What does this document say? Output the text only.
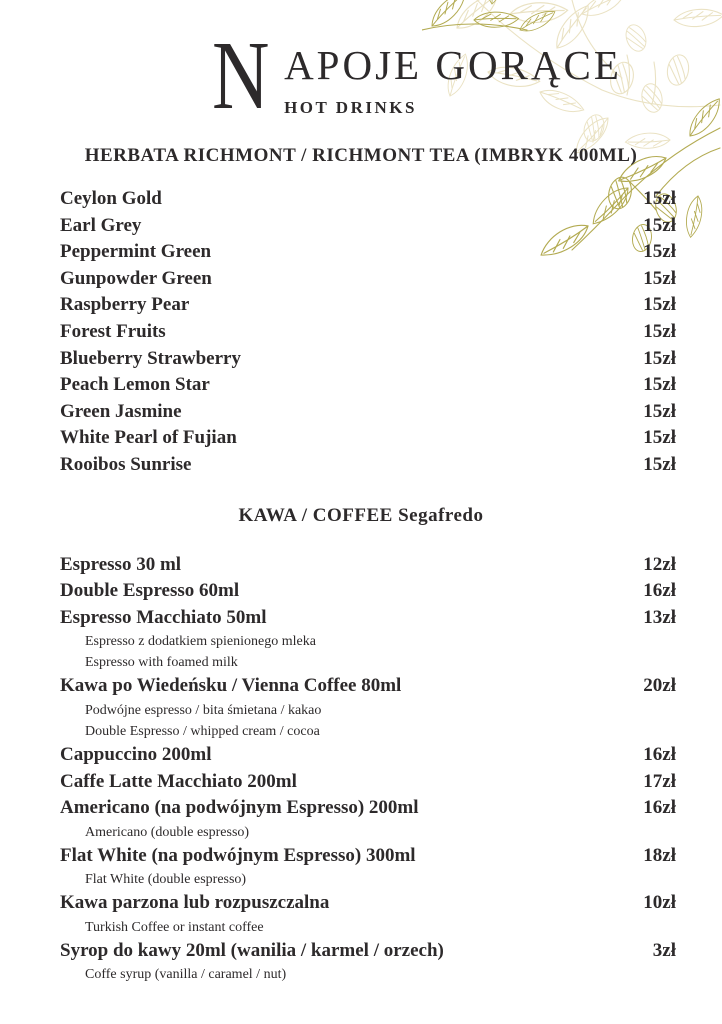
N APOJE GORĄCE
HOT DRINKS
HERBATA RICHMONT / RICHMONT TEA (IMBRYK 400ML)
Ceylon Gold	15zł
Earl Grey	15zł
Peppermint Green	15zł
Gunpowder Green	15zł
Raspberry Pear	15zł
Forest Fruits	15zł
Blueberry Strawberry	15zł
Peach Lemon Star	15zł
Green Jasmine	15zł
White Pearl of Fujian	15zł
Rooibos Sunrise	15zł
KAWA / COFFEE Segafredo
Espresso 30 ml	12zł
Double Espresso 60ml	16zł
Espresso Macchiato 50ml	13zł
Espresso z dodatkiem spienionego mleka
Espresso with foamed milk
Kawa po Wiedeńsku / Vienna Coffee 80ml	20zł
Podwójne espresso / bita śmietana / kakao
Double Espresso / whipped cream / cocoa
Cappuccino 200ml	16zł
Caffe Latte Macchiato 200ml	17zł
Americano (na podwójnym Espresso) 200ml	16zł
Americano (double espresso)
Flat White (na podwójnym Espresso) 300ml	18zł
Flat White (double espresso)
Kawa parzona lub rozpuszczalna	10zł
Turkish Coffee or instant coffee
Syrop do kawy 20ml (wanilia / karmel / orzech)	3zł
Coffe syrup (vanilla / caramel / nut)
